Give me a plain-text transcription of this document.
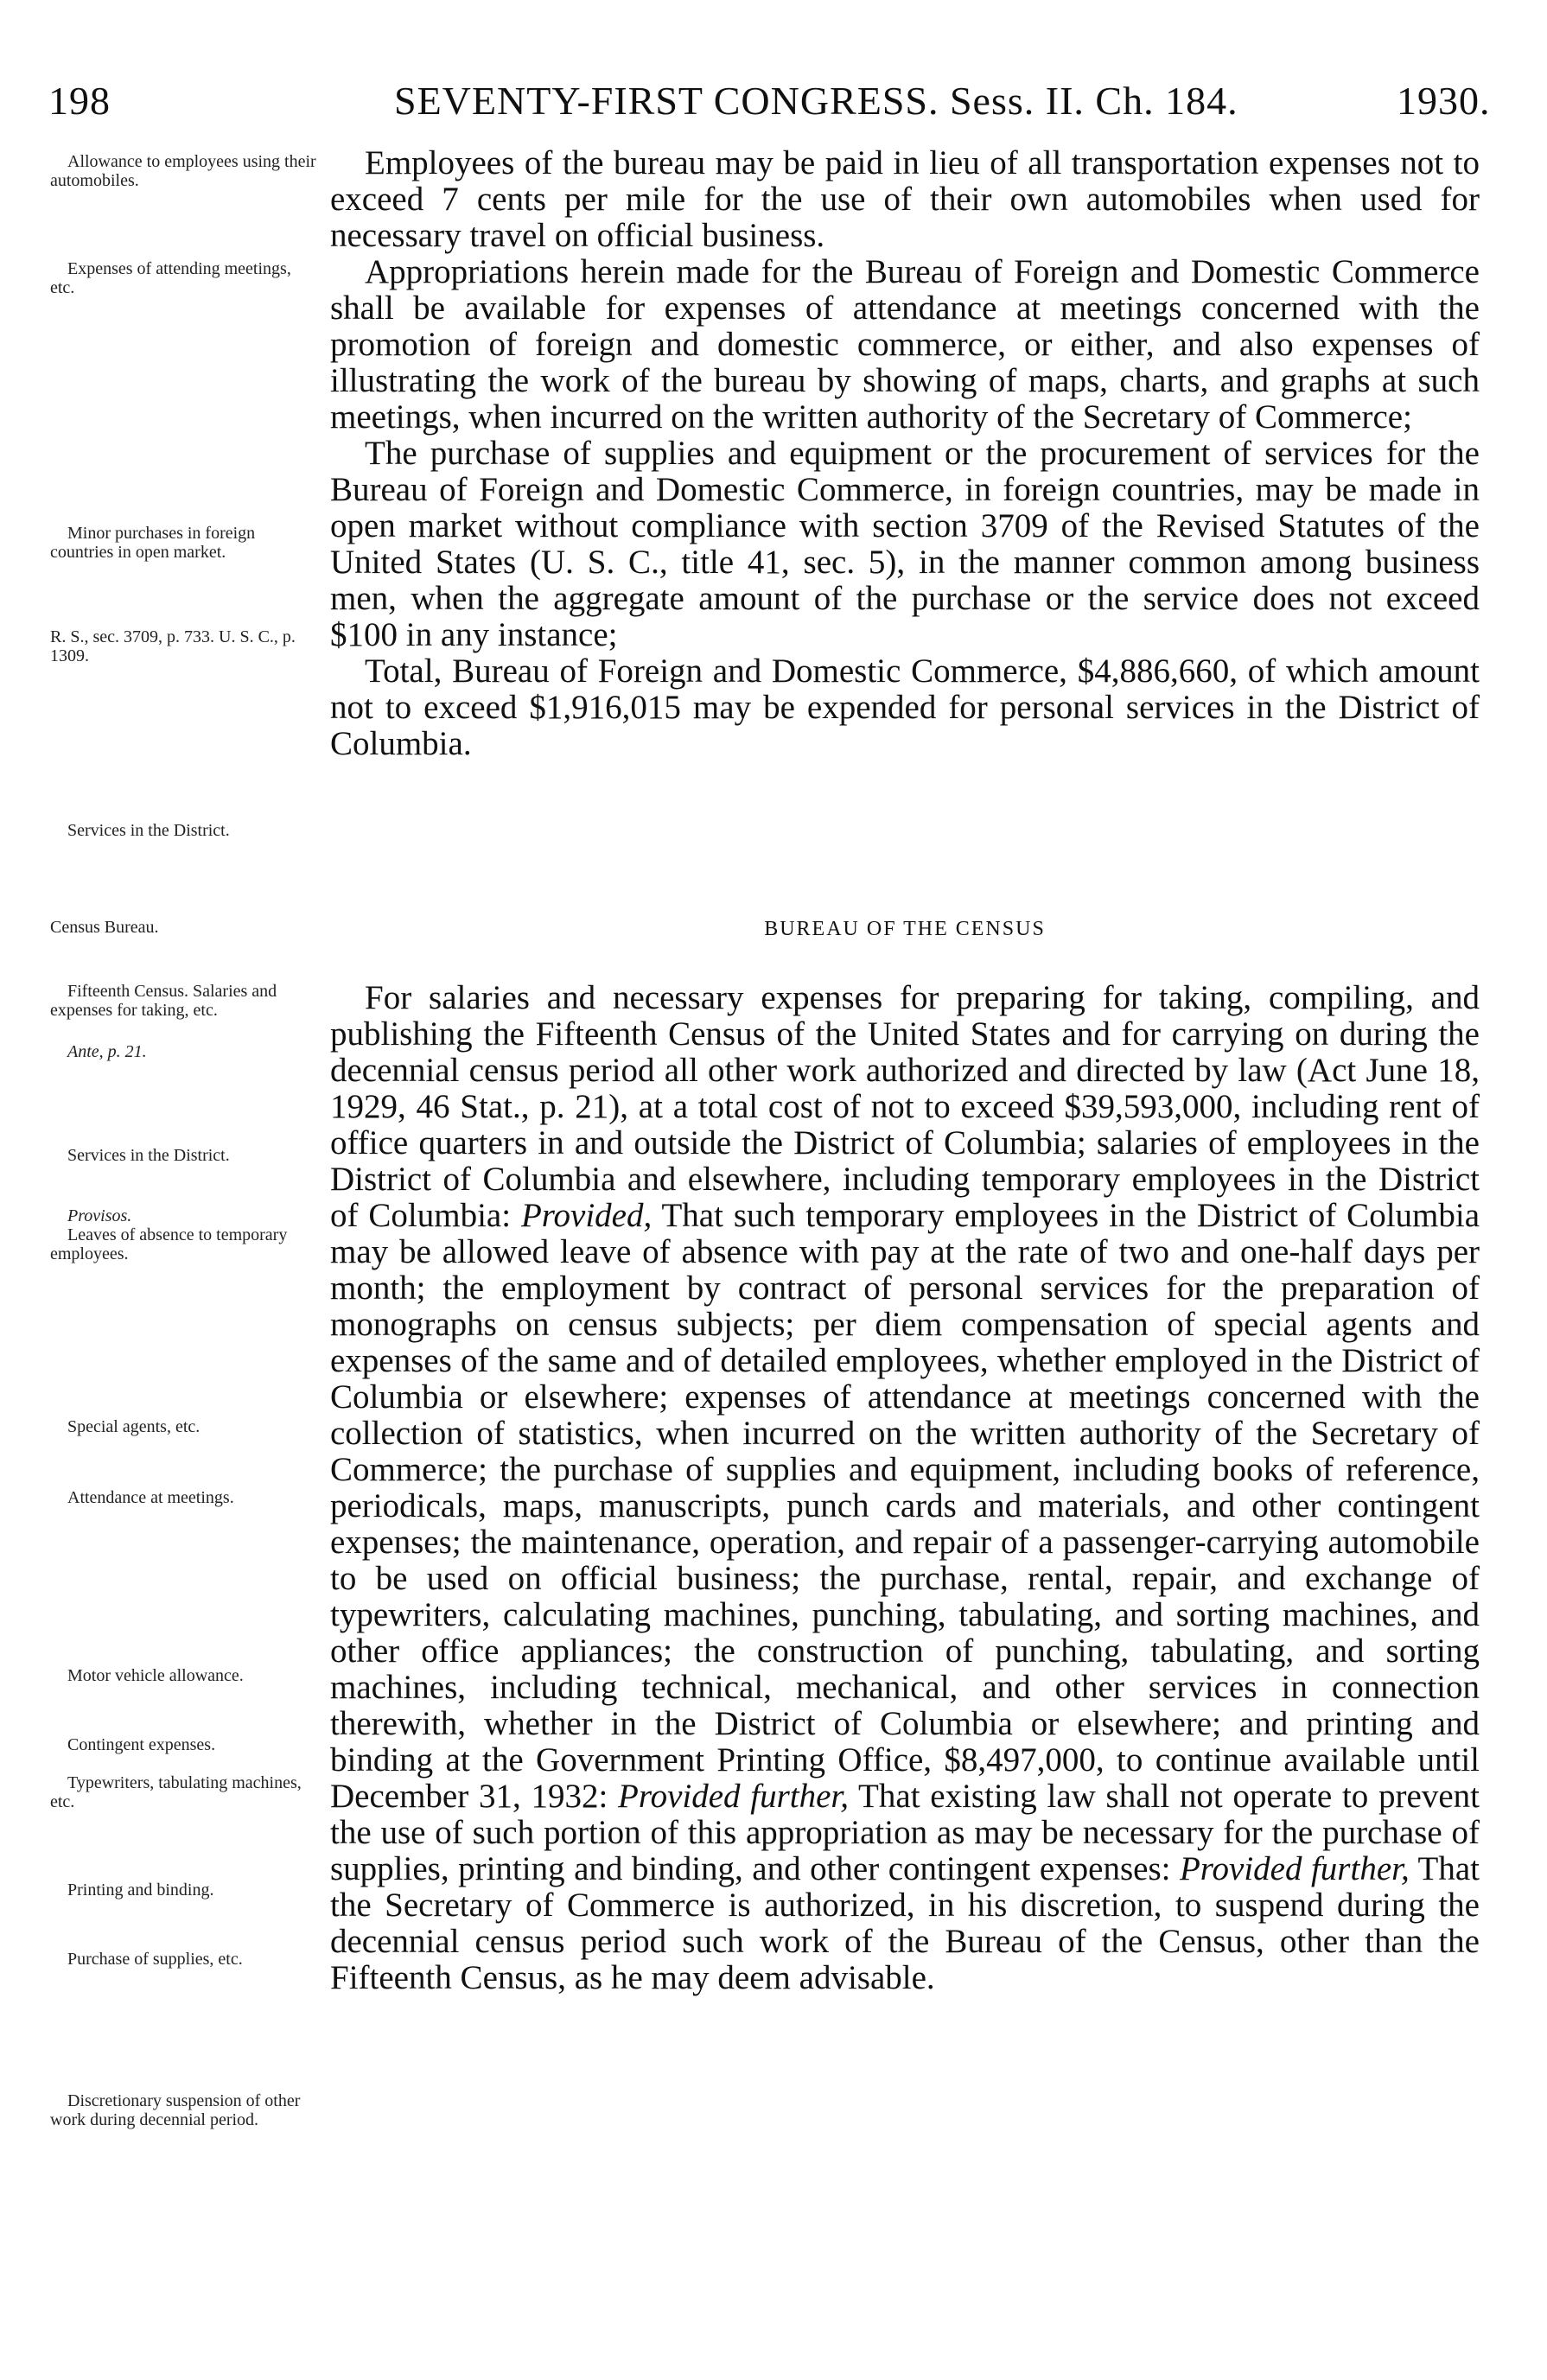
198	SEVENTY-FIRST CONGRESS. Sess. II. Ch. 184.	1930.
Allowance to employees using their automobiles.
Expenses of attending meetings, etc.
Minor purchases in foreign countries in open market.
R. S., sec. 3709, p. 733. U. S. C., p. 1309.
Services in the District.
Census Bureau.
Fifteenth Census. Salaries and expenses for taking, etc.
Ante, p. 21.
Services in the District.
Provisos.
Leaves of absence to temporary employees.
Special agents, etc.
Attendance at meetings.
Motor vehicle allowance.
Contingent expenses.
Typewriters, tabulating machines, etc.
Printing and binding.
Purchase of supplies, etc.
Discretionary suspension of other work during decennial period.

Employees of the bureau may be paid in lieu of all transportation expenses not to exceed 7 cents per mile for the use of their own automobiles when used for necessary travel on official business.

Appropriations herein made for the Bureau of Foreign and Domestic Commerce shall be available for expenses of attendance at meetings concerned with the promotion of foreign and domestic commerce, or either, and also expenses of illustrating the work of the bureau by showing of maps, charts, and graphs at such meetings, when incurred on the written authority of the Secretary of Commerce;

The purchase of supplies and equipment or the procurement of services for the Bureau of Foreign and Domestic Commerce, in foreign countries, may be made in open market without compliance with section 3709 of the Revised Statutes of the United States (U. S. C., title 41, sec. 5), in the manner common among business men, when the aggregate amount of the purchase or the service does not exceed $100 in any instance;

Total, Bureau of Foreign and Domestic Commerce, $4,886,660, of which amount not to exceed $1,916,015 may be expended for personal services in the District of Columbia.

BUREAU OF THE CENSUS

For salaries and necessary expenses for preparing for taking, compiling, and publishing the Fifteenth Census of the United States and for carrying on during the decennial census period all other work authorized and directed by law (Act June 18, 1929, 46 Stat., p. 21), at a total cost of not to exceed $39,593,000, including rent of office quarters in and outside the District of Columbia; salaries of employees in the District of Columbia and elsewhere, including temporary employees in the District of Columbia: Provided, That such temporary employees in the District of Columbia may be allowed leave of absence with pay at the rate of two and one-half days per month; the employment by contract of personal services for the preparation of monographs on census subjects; per diem compensation of special agents and expenses of the same and of detailed employees, whether employed in the District of Columbia or elsewhere; expenses of attendance at meetings concerned with the collection of statistics, when incurred on the written authority of the Secretary of Commerce; the purchase of supplies and equipment, including books of reference, periodicals, maps, manuscripts, punch cards and materials, and other contingent expenses; the maintenance, operation, and repair of a passenger-carrying automobile to be used on official business; the purchase, rental, repair, and exchange of typewriters, calculating machines, punching, tabulating, and sorting machines, and other office appliances; the construction of punching, tabulating, and sorting machines, including technical, mechanical, and other services in connection therewith, whether in the District of Columbia or elsewhere; and printing and binding at the Government Printing Office, $8,497,000, to continue available until December 31, 1932: Provided further, That existing law shall not operate to prevent the use of such portion of this appropriation as may be necessary for the purchase of supplies, printing and binding, and other contingent expenses: Provided further, That the Secretary of Commerce is authorized, in his discretion, to suspend during the decennial census period such work of the Bureau of the Census, other than the Fifteenth Census, as he may deem advisable.
